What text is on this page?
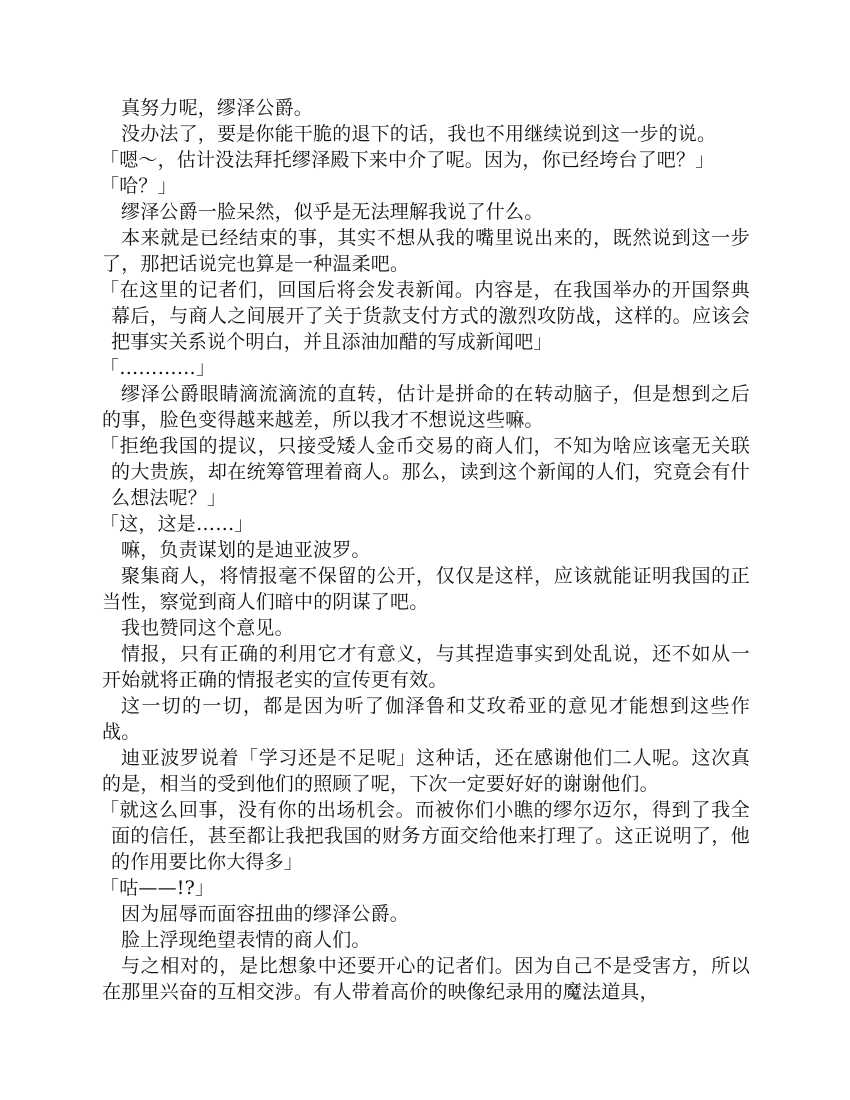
真努力呢，缪泽公爵。

没办法了，要是你能干脆的退下的话，我也不用继续说到这一步的说。

「嗯～，估计没法拜托缪泽殿下来中介了呢。因为，你已经垮台了吧？」

「哈？」

缪泽公爵一脸呆然，似乎是无法理解我说了什么。

本来就是已经结束的事，其实不想从我的嘴里说出来的，既然说到这一步了，那把话说完也算是一种温柔吧。

「在这里的记者们，回国后将会发表新闻。内容是，在我国举办的开国祭典幕后，与商人之间展开了关于货款支付方式的激烈攻防战，这样的。应该会把事实关系说个明白，并且添油加醋的写成新闻吧」

「…………」

缪泽公爵眼睛滴流滴流的直转，估计是拼命的在转动脑子，但是想到之后的事，脸色变得越来越差，所以我才不想说这些嘛。

「拒绝我国的提议，只接受矮人金币交易的商人们，不知为啥应该毫无关联的大贵族，却在统筹管理着商人。那么，读到这个新闻的人们，究竟会有什么想法呢？」

「这，这是……」

嘛，负责谋划的是迪亚波罗。

聚集商人，将情报毫不保留的公开，仅仅是这样，应该就能证明我国的正当性，察觉到商人们暗中的阴谋了吧。

我也赞同这个意见。

情报，只有正确的利用它才有意义，与其捏造事实到处乱说，还不如从一开始就将正确的情报老实的宣传更有效。

这一切的一切，都是因为听了伽泽鲁和艾玫希亚的意见才能想到这些作战。

迪亚波罗说着「学习还是不足呢」这种话，还在感谢他们二人呢。这次真的是，相当的受到他们的照顾了呢，下次一定要好好的谢谢他们。

「就这么回事，没有你的出场机会。而被你们小瞧的缪尔迈尔，得到了我全面的信任，甚至都让我把我国的财务方面交给他来打理了。这正说明了，他的作用要比你大得多」

「咕——!?」

因为屈辱而面容扭曲的缪泽公爵。

脸上浮现绝望表情的商人们。

与之相对的，是比想象中还要开心的记者们。因为自己不是受害方，所以在那里兴奋的互相交涉。有人带着高价的映像纪录用的魔法道具，
